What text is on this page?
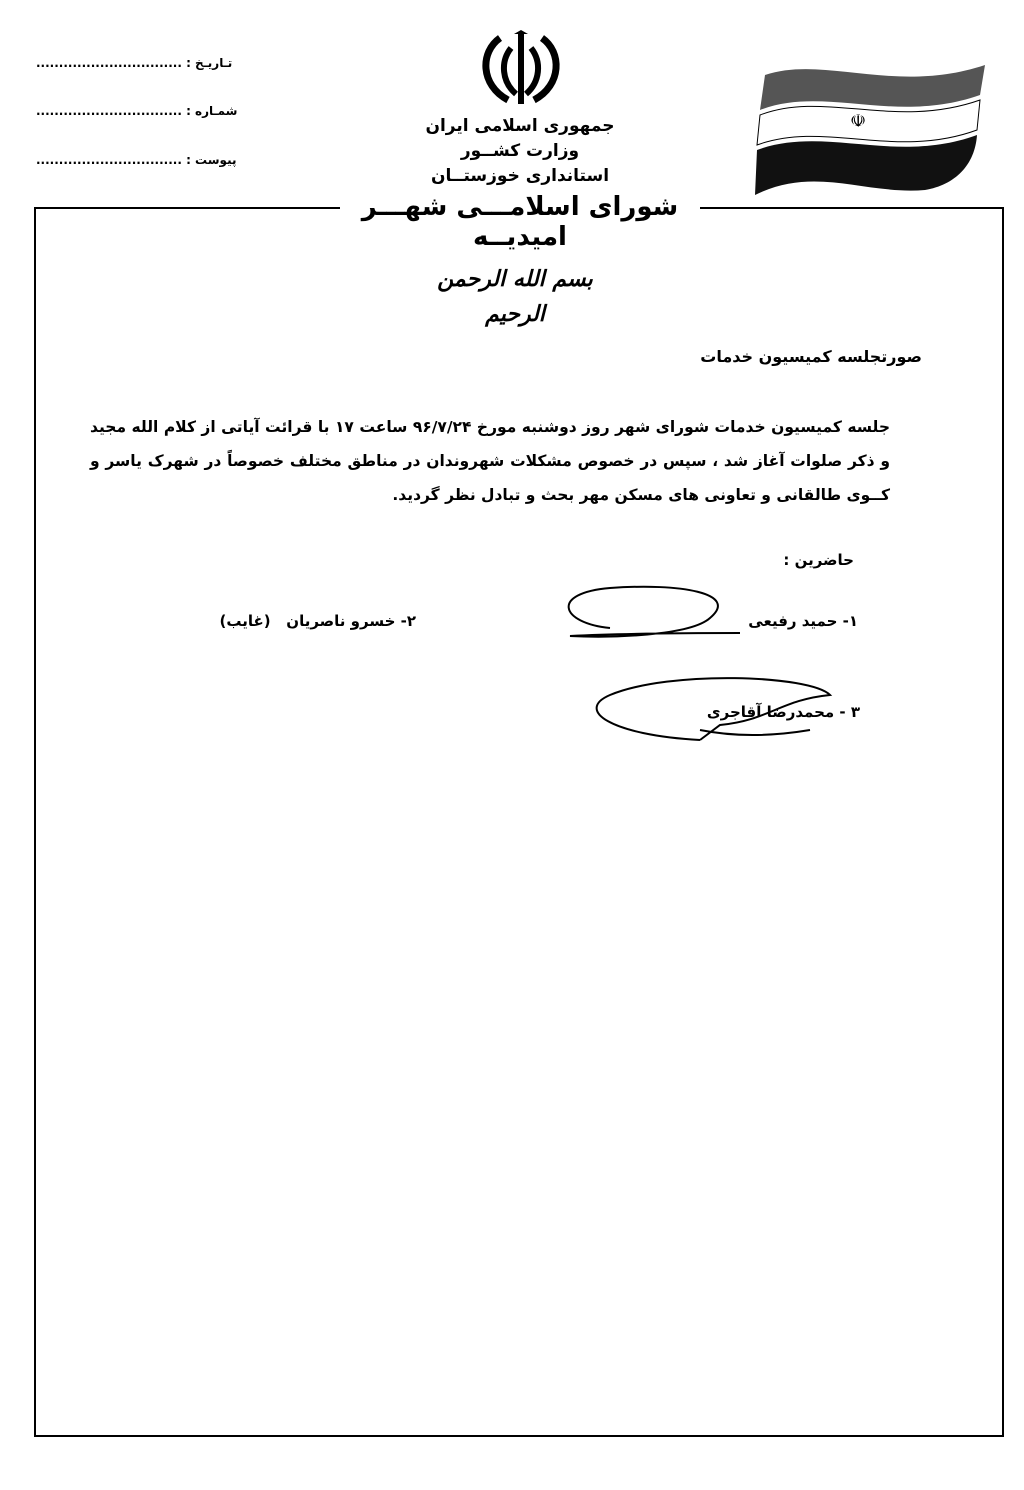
تـاريـخ : ................................
شمـاره : ................................
پيوست : ................................
جمهوری اسلامی ایران
وزارت کشــور
استانداری خوزستــان
☫
شورای اسلامـــی شهـــر امیدیــه
بسم الله الرحمن الرحیم
صورتجلسه کمیسیون خدمات
جلسه کمیسیون خدمات شورای شهر روز دوشنبه مورخ ۹۶/۷/۲۴ ساعت ۱۷ با قرائت آیاتی از کلام الله مجید و ذکر صلوات آغاز شد ، سپس در خصوص مشکلات شهروندان در مناطق مختلف خصوصاً در شهرک یاسر و کــوی طالقانی و تعاونی های مسکن مهر بحث و تبادل نظر گردید.
حاضرین :
۱- حمید رفیعی
۲- خسرو ناصریان   (غایب)
۳ - محمدرضا آقاجری
